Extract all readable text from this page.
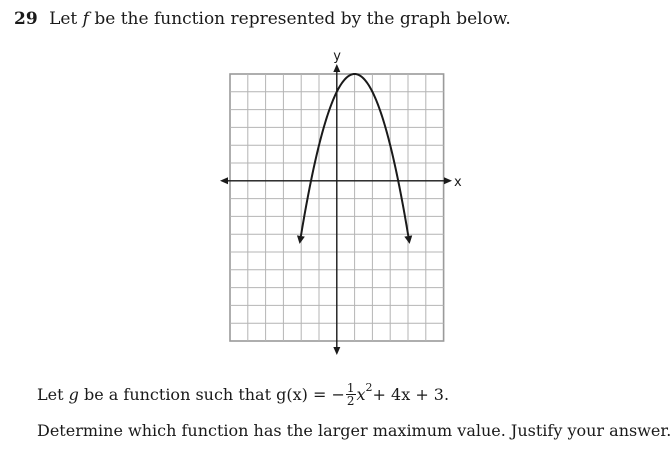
29 Let f be the function represented by the graph below.
y
x
Let
g
be a function such that
g(x) = − $\frac{1}{2}$ x 2 + 4x + 3.
Determine which function has the larger maximum value. Justify your answer.
